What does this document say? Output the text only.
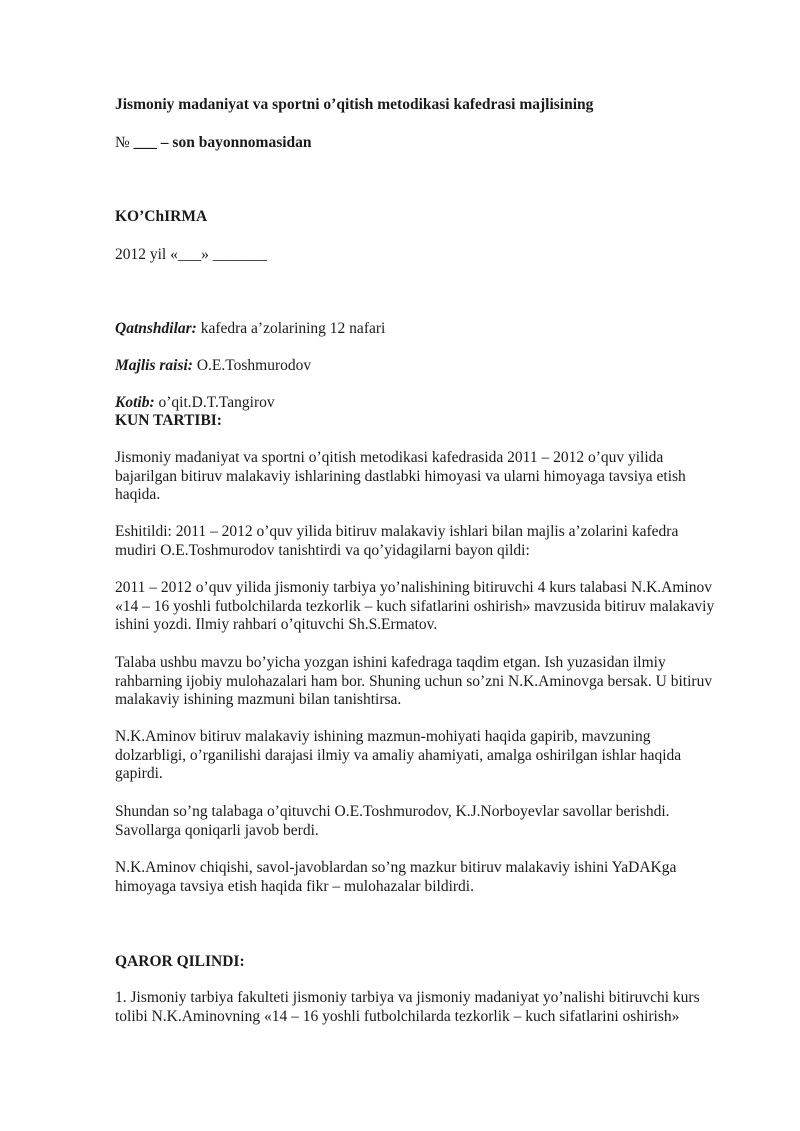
Jismoniy madaniyat va sportni o’qitish metodikasi kafedrasi majlisining
№ ___ – son bayonnomasidan
KO’ChIRMA
2012 yil «___» _______
Qatnshdilar: kafedra a’zolarining 12 nafari
Majlis raisi: O.E.Toshmurodov
Kotib: o’qit.D.T.Tangirov
KUN TARTIBI:

Jismoniy madaniyat va sportni o’qitish metodikasi kafedrasida 2011 – 2012 o’quv yilida
bajarilgan bitiruv malakaviy ishlarining dastlabki himoyasi va ularni himoyaga tavsiya etish
haqida.

Eshitildi: 2011 – 2012 o’quv yilida bitiruv malakaviy ishlari bilan majlis a’zolarini kafedra
mudiri O.E.Toshmurodov tanishtirdi va qo’yidagilarni bayon qildi:

2011 – 2012 o’quv yilida jismoniy tarbiya yo’nalishining bitiruvchi 4 kurs talabasi N.K.Aminov
«14 – 16 yoshli futbolchilarda tezkorlik – kuch sifatlarini oshirish» mavzusida bitiruv malakaviy
ishini yozdi. Ilmiy rahbari o’qituvchi Sh.S.Ermatov.

Talaba ushbu mavzu bo’yicha yozgan ishini kafedraga taqdim etgan. Ish yuzasidan ilmiy
rahbarning ijobiy mulohazalari ham bor. Shuning uchun so’zni N.K.Aminovga bersak. U bitiruv
malakaviy ishining mazmuni bilan tanishtirsa.

N.K.Aminov bitiruv malakaviy ishining mazmun-mohiyati haqida gapirib, mavzuning
dolzarbligi, o’rganilishi darajasi ilmiy va amaliy ahamiyati, amalga oshirilgan ishlar haqida
gapirdi.

Shundan so’ng talabaga o’qituvchi O.E.Toshmurodov, K.J.Norboyevlar savollar berishdi.
Savollarga qoniqarli javob berdi.

N.K.Aminov chiqishi, savol-javoblardan so’ng mazkur bitiruv malakaviy ishini YaDAKga
himoyaga tavsiya etish haqida fikr – mulohazalar bildirdi.

QAROR QILINDI:

1. Jismoniy tarbiya fakulteti jismoniy tarbiya va jismoniy madaniyat yo’nalishi bitiruvchi kurs
tolibi N.K.Aminovning «14 – 16 yoshli futbolchilarda tezkorlik – kuch sifatlarini oshirish»
